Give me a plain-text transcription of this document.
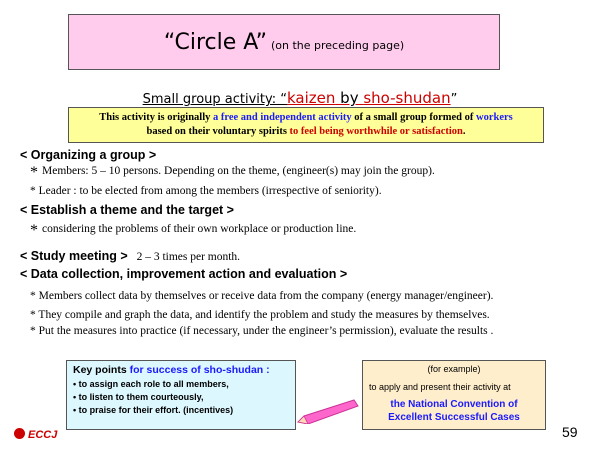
“Circle A” (on the preceding page)
Small group activity: “kaizen by sho-shudan”
This activity is originally a free and independent activity of a small group formed of workers
based on their voluntary spirits to feel being worthwhile or satisfaction.
< Organizing a group >
* Members: 5 – 10 persons. Depending on the theme, (engineer(s) may join the group).
* Leader : to be elected from among the members (irrespective of seniority).
< Establish a theme and the target >
* considering the problems of their own workplace or production line.
< Study meeting > 2 – 3 times per month.
< Data collection, improvement action and evaluation >
* Members collect data by themselves or receive data from the company (energy manager/engineer).
* They compile and graph the data, and identify the problem and study the measures by themselves.
* Put the measures into practice (if necessary, under the engineer’s permission), evaluate the results .
Key points for success of sho-shudan :
• to assign each role to all members,
• to listen to them courteously,
• to praise for their effort. (incentives)
(for example)
to apply and present their activity at
the National Convention of
Excellent Successful Cases
ECCJ	59
